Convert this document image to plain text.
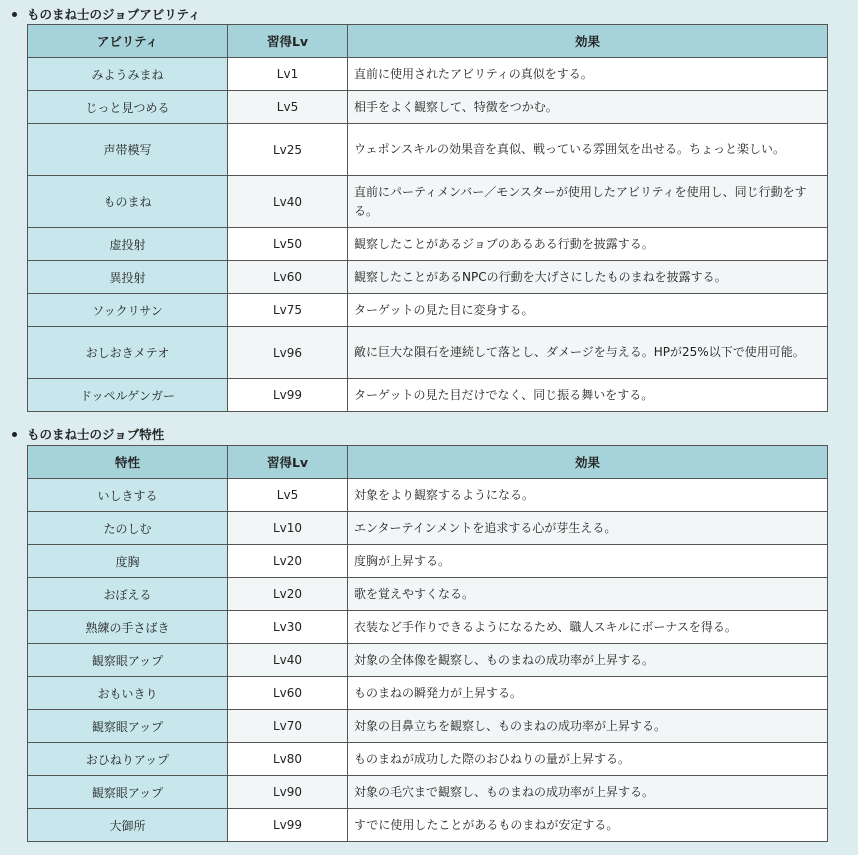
ものまね士のジョブアビリティ
アビリティ	習得Lv	効果
みようみまね	Lv1	直前に使用されたアビリティの真似をする。
じっと見つめる	Lv5	相手をよく観察して、特徴をつかむ。
声帯模写	Lv25	ウェポンスキルの効果音を真似、戦っている雰囲気を出せる。ちょっと楽しい。
ものまね	Lv40	直前にパーティメンバー／モンスターが使用したアビリティを使用し、同じ行動をする。
虚投射	Lv50	観察したことがあるジョブのあるある行動を披露する。
異投射	Lv60	観察したことがあるNPCの行動を大げさにしたものまねを披露する。
ソックリサン	Lv75	ターゲットの見た目に変身する。
おしおきメテオ	Lv96	敵に巨大な隕石を連続して落とし、ダメージを与える。HPが25%以下で使用可能。
ドッペルゲンガー	Lv99	ターゲットの見た目だけでなく、同じ振る舞いをする。
ものまね士のジョブ特性
特性	習得Lv	効果
いしきする	Lv5	対象をより観察するようになる。
たのしむ	Lv10	エンターテインメントを追求する心が芽生える。
度胸	Lv20	度胸が上昇する。
おぼえる	Lv20	歌を覚えやすくなる。
熟練の手さばき	Lv30	衣装など手作りできるようになるため、職人スキルにボーナスを得る。
観察眼アップ	Lv40	対象の全体像を観察し、ものまねの成功率が上昇する。
おもいきり	Lv60	ものまねの瞬発力が上昇する。
観察眼アップ	Lv70	対象の目鼻立ちを観察し、ものまねの成功率が上昇する。
おひねりアップ	Lv80	ものまねが成功した際のおひねりの量が上昇する。
観察眼アップ	Lv90	対象の毛穴まで観察し、ものまねの成功率が上昇する。
大御所	Lv99	すでに使用したことがあるものまねが安定する。
